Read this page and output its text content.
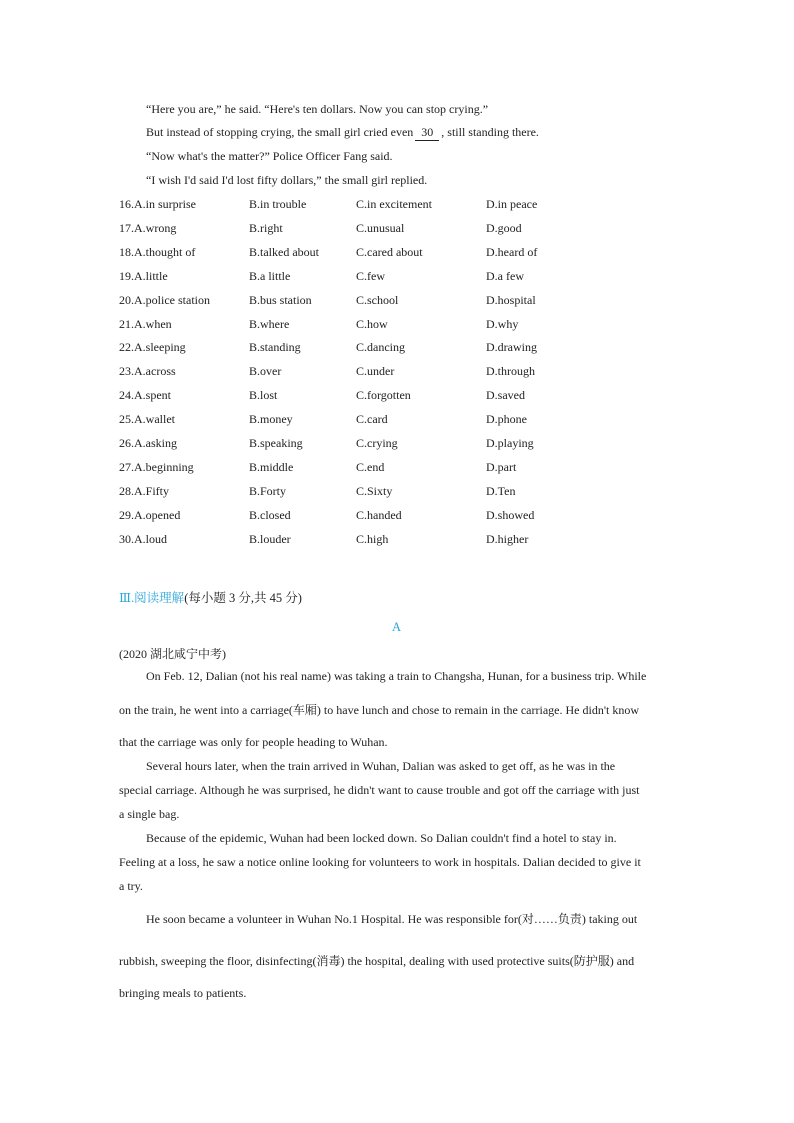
“Here you are,” he said. “Here's ten dollars. Now you can stop crying.”
But instead of stopping crying, the small girl cried even 30 , still standing there.
“Now what's the matter?” Police Officer Fang said.
“I wish I'd said I'd lost fifty dollars,” the small girl replied.
16.A.in surprise	B.in trouble	C.in excitement	D.in peace
17.A.wrong	B.right	C.unusual	D.good
18.A.thought of	B.talked about	C.cared about	D.heard of
19.A.little	B.a little	C.few	D.a few
20.A.police station	B.bus station	C.school	D.hospital
21.A.when	B.where	C.how	D.why
22.A.sleeping	B.standing	C.dancing	D.drawing
23.A.across	B.over	C.under	D.through
24.A.spent	B.lost	C.forgotten	D.saved
25.A.wallet	B.money	C.card	D.phone
26.A.asking	B.speaking	C.crying	D.playing
27.A.beginning	B.middle	C.end	D.part
28.A.Fifty	B.Forty	C.Sixty	D.Ten
29.A.opened	B.closed	C.handed	D.showed
30.A.loud	B.louder	C.high	D.higher
Ⅲ.阅读理解(每小题 3 分,共 45 分)
A
(2020 湖北咸宁中考)
On Feb. 12, Dalian (not his real name) was taking a train to Changsha, Hunan, for a business trip. While
on the train, he went into a carriage(车厢) to have lunch and chose to remain in the carriage. He didn't know
that the carriage was only for people heading to Wuhan.
Several hours later, when the train arrived in Wuhan, Dalian was asked to get off, as he was in the
special carriage. Although he was surprised, he didn't want to cause trouble and got off the carriage with just
a single bag.
Because of the epidemic, Wuhan had been locked down. So Dalian couldn't find a hotel to stay in.
Feeling at a loss, he saw a notice online looking for volunteers to work in hospitals. Dalian decided to give it
a try.
He soon became a volunteer in Wuhan No.1 Hospital. He was responsible for(对……负责) taking out
rubbish, sweeping the floor, disinfecting(消毒) the hospital, dealing with used protective suits(防护服) and
bringing meals to patients.
